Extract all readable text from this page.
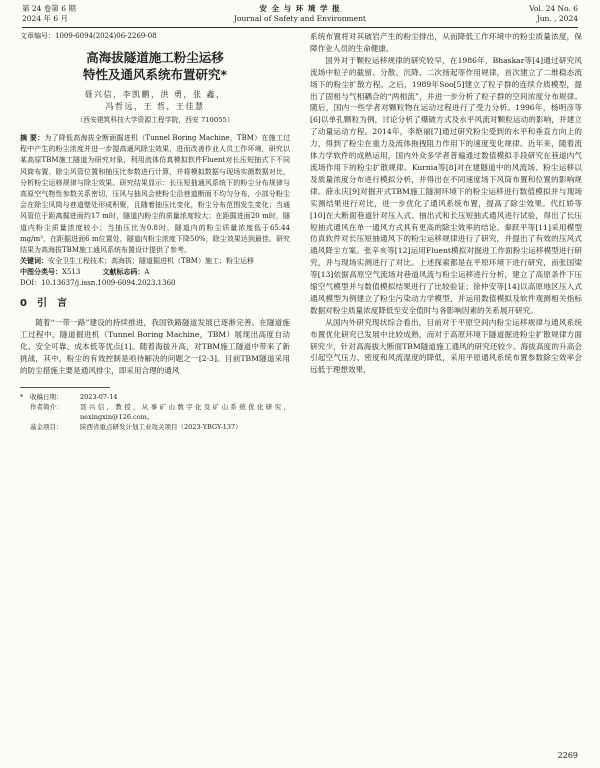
第 24 卷第 6 期
2024 年 6 月
安 全 与 环 境 学 报
Journal of Safety and Environment
Vol. 24 No. 6
Jun. , 2024

文章编号：1009-6094(2024)06-2269-08

高海拔隧道施工粉尘运移
特性及通风系统布置研究*
聂兴信，李凯鹏，洪 勇，张 鑫，
冯哲远，王 哲，王佳慧
（西安建筑科技大学资源工程学院，西安 710055）

摘 要：为了降低高海拔全断面掘进机（Tunnel Boring Machine，TBM）在施工过程中产生的粉尘浓度并进一步提高通风除尘效果，进而改善作业人员工作环境，研究以某高原TBM施工隧道为研究对象，利用流体仿真模拟软件Fluent对长压短抽式下不同风筒布置、除尘风管位置和抽压比参数进行计算，并将模拟数据与现场实测数据对比，分析粉尘运移规律与除尘效果。研究结果显示：长压短抽通风系统下的粉尘分布规律与高原空气物性参数关系密切，压风与抽风会使粉尘沿巷道断面不均匀分布，小部分粉尘会在除尘风筒与巷道壁处形成积聚，且随着抽压比变化，粉尘分布范围发生变化；当通风管位于距离掘进面约17 m时，隧道内粉尘的质量浓度较大；在距掘进面20 m时，隧道内粉尘质量浓度较小；当抽压比为0.8时，隧道内的粉尘质量浓度低于65.44 mg/m³，在距掘进面6 m位置处，隧道内粉尘浓度下降50%，除尘效果达到最佳。研究结果为高海拔TBM施工通风系统布置设计提供了参考。

关键词：安全卫生工程技术；高海拔；隧道掘进机（TBM）施工；粉尘运移

中图分类号：X513	文献标志码：A

DOI：10.13637/j.issn.1009-6094.2023.1360

0　引　言

随着“一带一路”建设的持续推进，我国铁路隧道发展已逐渐完善。在隧道施工过程中，隧道掘进机（Tunnel Boring Machine，TBM）展现出高度自动化、安全可靠、成本低等优点[1]。随着海拔升高，对TBM施工隧道中带来了新挑战，其中，粉尘的有效控制是亟待解决的问题之一[2-3]。目前TBM隧道采用的防尘措施主要是通风排尘，即采用合理的通风

*	收稿日期：	2023-07-14
作者简介：	聂兴信，教授，从事矿山数字化及矿山系统优化研究，nexingxin@126.com。
基金项目：	陕西省重点研发计划工业攻关项目（2023-YBGY-137）

系统布置将对其破岩产生的粉尘排出，从而降低工作环境中的粉尘质量浓度，保障作业人员的生命健康。

国外对于颗粒运移规律的研究较早，在1986年，Bhaskar等[4]通过研究风流场中粒子的截留、分散、沉降、二次扬起等作用规律，首次建立了二维稳态流场下的粉尘扩散方程。之后，1989年Soo[5]建立了粒子群的连续介质模型，提出了固相与气相耦合的“两相流”，并进一步分析了粒子群的空间浓度分布规律。随后，国内一些学者对颗粒物在运动过程进行了受力分析。1996年，杨明彦等[6]以单孔颗粒为例，讨论分析了爆破方式及水平风流对颗粒运动的影响，并建立了动量运动方程。2014年，李艳丽[7]通过研究粉尘受到的水平和垂直方向上的力，得到了粉尘在重力及流体拖拽阻力作用下的速度变化规律。近年来，随着流体力学软件的成熟运用，国内外众多学者普遍通过数值模拟手段研究在巷道内气流场作用下的粉尘扩散规律。Kurnia等[8]对在建隧道中的风流场、粉尘运移以及质量浓度分布进行模拟分析，并得出在不同速度场下风筒布置和位置的影响规律。薛永庆[9]对掘开式TBM施工隧洞环境下的粉尘运移进行数值模拟并与现场实测结果进行对比，进一步优化了通风系统布置，提高了除尘效果。代红娇等[10]在大断面巷道针对压入式、抽出式和长压短抽式通风进行试验，得出了长压短抽式通风在单一通风方式具有更高的除尘效率的结论。秦跃平等[11]采用模型仿真软件对长压短抽通风下的粉尘运移规律进行了研究，并提出了有效的压风式通风降尘方案。张辛亥等[12]运用Fluent模拟对掘进工作面粉尘运移模型进行研究，并与现场实测进行了对比。上述探索都是在平原环境下进行研究，而张国梁等[13]依据高原空气流场对巷道风流与粉尘运移进行分析，建立了高原条件下压缩空气模型并与数值模拟结果进行了比较验证；徐仲安等[14]以高原地区压入式通风模型为例建立了粉尘污染动力学模型，并运用数值模拟及软件观测相关指标数据对粉尘质量浓度降低至安全值时与各影响因素的关系展开研究。

从国内外研究现状综合看出，目前对于平原空间内粉尘运移规律与通风系统布置优化研究已发展中比较成熟，而对于高原环境下隧道掘进粉尘扩散规律方面研究少，针对高海拔大断面TBM隧道施工通风的研究还较少。海拔高度的升高会引起空气压力、密度和风流湿度的降低，采用平原通风系统布置参数除尘效率会远低于理想效果，

2269
